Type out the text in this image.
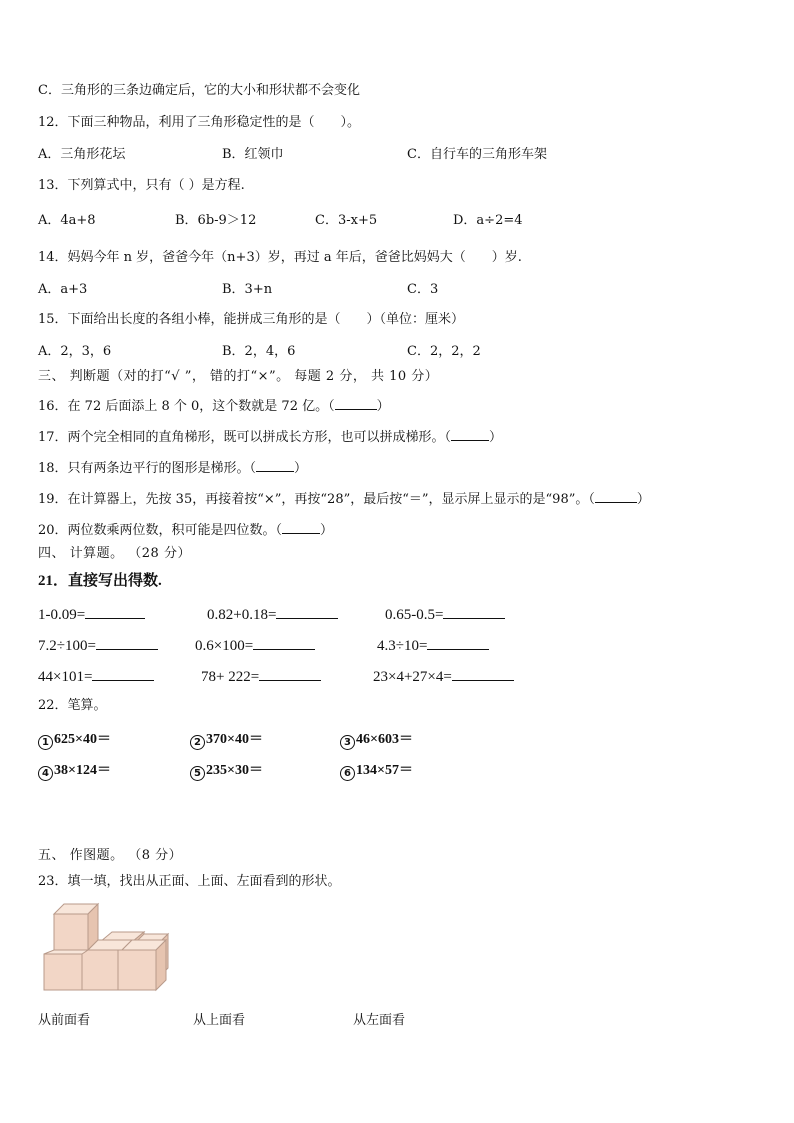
C．三角形的三条边确定后，它的大小和形状都不会变化
12．下面三种物品，利用了三角形稳定性的是（　　）。
A．三角形花坛	B．红领巾	C．自行车的三角形车架
13．下列算式中，只有（ ）是方程.
A．4a+8	B．6b-9＞12	C．3-x+5	D．a÷2=4
14．妈妈今年 n 岁，爸爸今年（n+3）岁，再过 a 年后，爸爸比妈妈大（　　）岁.
A．a+3	B．3+n	C．3
15．下面给出长度的各组小棒，能拼成三角形的是（　　）（单位：厘米）
A．2，3，6	B．2，4，6	C．2，2，2
三、 判断题（对的打“√ ”， 错的打“×”。 每题 2 分， 共 10 分）
16．在 72 后面添上 8 个 0，这个数就是 72 亿。（	）
17．两个完全相同的直角梯形，既可以拼成长方形，也可以拼成梯形。（	）
18．只有两条边平行的图形是梯形。（	）
19．在计算器上，先按 35，再接着按“×”，再按“28”，最后按“＝”，显示屏上显示的是“98”。（	）
20．两位数乘两位数，积可能是四位数。（	）
四、 计算题。 （28 分）
21．直接写出得数.
1-0.09=	0.82+0.18=	0.65-0.5=
7.2÷100=	0.6×100=	4.3÷10=
44×101=	78+ 222=	23×4+27×4=
22．笔算。
1 625×40＝	2 370×40＝	3 46×603＝
4 38×124＝	5 235×30＝	6 134×57＝
五、 作图题。 （8 分）
23．填一填，找出从正面、上面、左面看到的形状。
从前面看	从上面看	从左面看
